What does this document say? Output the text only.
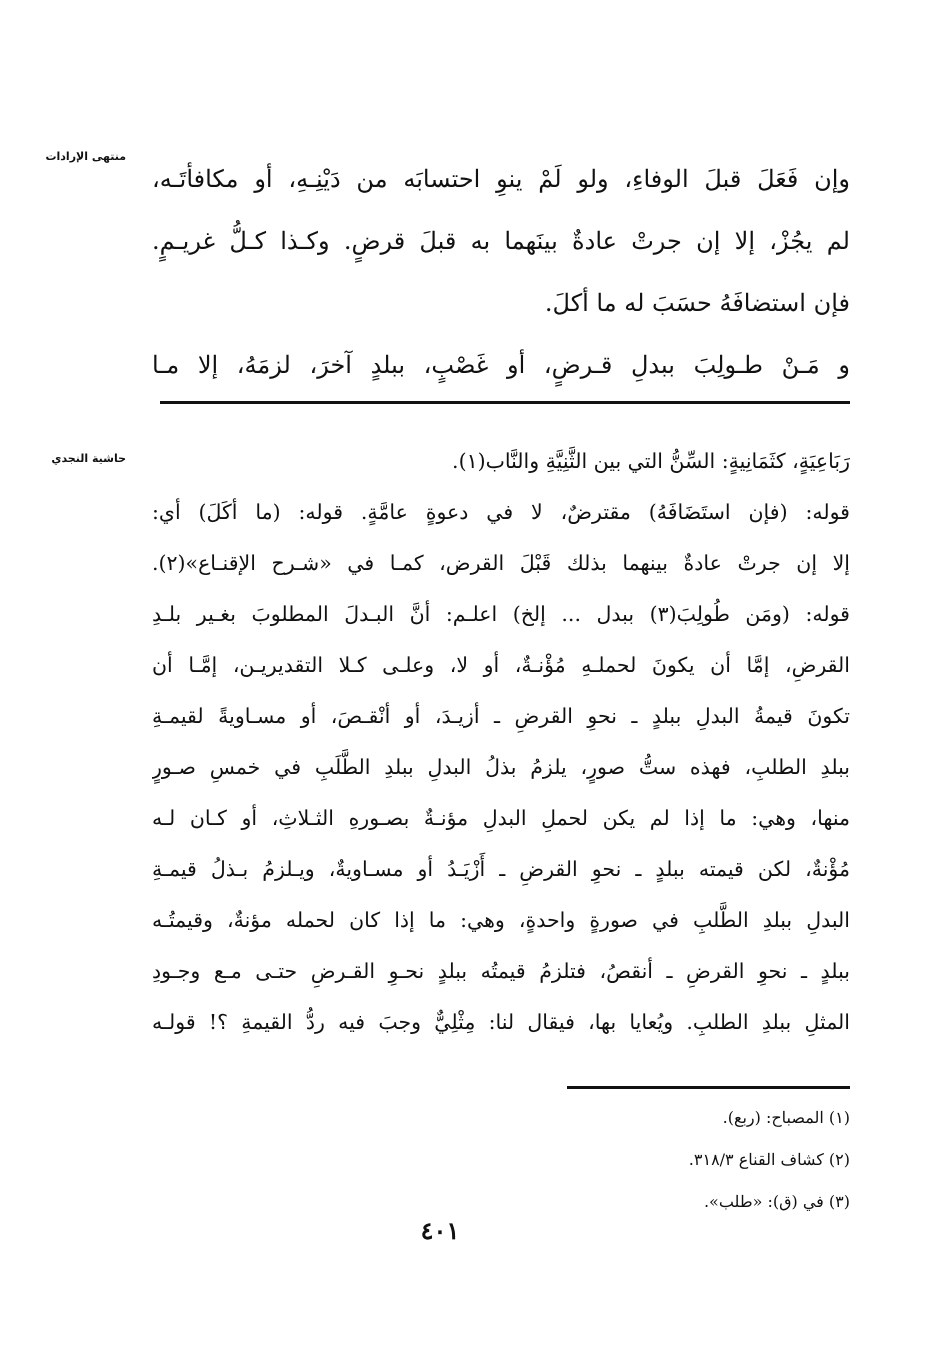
منتهى الإرادات
حاشية النجدي
وإن فَعَلَ قبلَ الوفاءِ، ولو لَمْ ينوِ احتسابَه من دَيْنِـهِ، أو مكافأتَـه،
لم يجُزْ، إلا إن جرتْ عادةٌ بينَهما به قبلَ قرضٍ. وكـذا كـلُّ غريـمٍ.
فإن استضافَهُ حسَبَ له ما أكلَ.
و مَـنْ طـولِبَ ببدلِ قـرضٍ، أو غَصْبٍ، ببلدٍ آخرَ، لزمَهُ، إلا مـا
رَبَاعِيَةٍ، كثَمَانِيةٍ: السِّنُّ التي بين الثَّنِيَّةِ والنَّاب(١).
قوله: (فإن استَضَافَهُ) مقترضٌ، لا في دعوةٍ عامَّةٍ. قوله: (ما أكَلَ) أي:
إلا إن جرتْ عادةٌ بينهما بذلك قَبْلَ القرض، كمـا في «شـرح الإقنـاع»(٢).
قوله: (ومَن طُولِبَ(٣) ببدل ... إلخ) اعلـم: أنَّ البـدلَ المطلوبَ بغـير بلـدِ
القرضِ، إمَّا أن يكونَ لحملـهِ مُؤْنـةٌ، أو لا، وعلـى كـلا التقديريـن، إمَّـا أن
تكونَ قيمةُ البدلِ ببلدٍ ـ نحوِ القرضِ ـ أزيـدَ، أو أنْقـصَ، أو مسـاويةً لقيمـةِ
ببلدِ الطلبِ، فهذه ستُّ صورٍ، يلزمُ بذلُ البدلِ ببلدِ الطَّلَبِ في خمسِ صـورٍ
منها، وهي: ما إذا لم يكن لحملِ البدلِ مؤنـةٌ بصـورهِ الثـلاثِ، أو كـان لـه
مُؤْنةٌ، لكن قيمته ببلدٍ ـ نحوِ القرضِ ـ أَزْيَـدُ أو مسـاويةٌ، ويـلزمُ بـذلُ قيمـةِ
البدلِ ببلدِ الطَّلبِ في صورةٍ واحدةٍ، وهي: ما إذا كان لحمله مؤنةٌ، وقيمتُـه
ببلدٍ ـ نحوِ القرضِ ـ أنقصُ، فتلزمُ قيمتُه ببلدٍ نحـوِ القـرضِ حتـى مـع وجـودِ
المثلِ ببلدِ الطلبِ. ويُعايا بها، فيقال لنا: مِثْلِيٌّ وجبَ فيه ردُّ القيمةِ ؟! قولـه
(١) المصباح: (ربع).
(٢) كشاف القناع ٣١٨/٣.
(٣) في (ق): «طلب».
٤٠١
